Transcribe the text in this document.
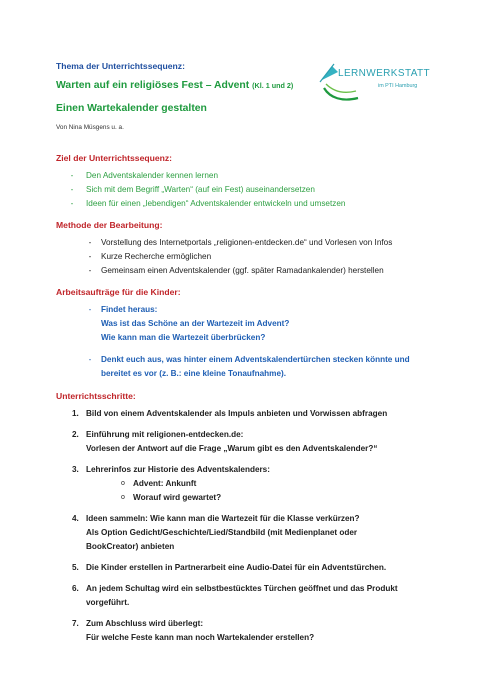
Thema der Unterrichtssequenz:
Warten auf ein religiöses Fest – Advent (Kl. 1 und 2)
Einen Wartekalender gestalten
Von Nina Müsgens u. a.
LERNWERKSTATT
im PTI Hamburg
Ziel der Unterrichtssequenz:
-	Den Adventskalender kennen lernen
-	Sich mit dem Begriff „Warten“ (auf ein Fest) auseinandersetzen
-	Ideen für einen „lebendigen“ Adventskalender entwickeln und umsetzen
Methode der Bearbeitung:
-	Vorstellung des Internetportals „religionen-entdecken.de“ und Vorlesen von Infos
-	Kurze Recherche ermöglichen
-	Gemeinsam einen Adventskalender (ggf. später Ramadankalender) herstellen
Arbeitsaufträge für die Kinder:
-	Findet heraus:
Was ist das Schöne an der Wartezeit im Advent?
Wie kann man die Wartezeit überbrücken?
-	Denkt euch aus, was hinter einem Adventskalendertürchen stecken könnte und
bereitet es vor (z. B.: eine kleine Tonaufnahme).
Unterrichtsschritte:
1. Bild von einem Adventskalender als Impuls anbieten und Vorwissen abfragen
2. Einführung mit religionen-entdecken.de:
Vorlesen der Antwort auf die Frage „Warum gibt es den Adventskalender?“
3. Lehrerinfos zur Historie des Adventskalenders:
o Advent: Ankunft
o Worauf wird gewartet?
4. Ideen sammeln: Wie kann man die Wartezeit für die Klasse verkürzen?
Als Option Gedicht/Geschichte/Lied/Standbild (mit Medienplanet oder
BookCreator) anbieten
5. Die Kinder erstellen in Partnerarbeit eine Audio-Datei für ein Adventstürchen.
6. An jedem Schultag wird ein selbstbestücktes Türchen geöffnet und das Produkt
vorgeführt.
7. Zum Abschluss wird überlegt:
Für welche Feste kann man noch Wartekalender erstellen?
